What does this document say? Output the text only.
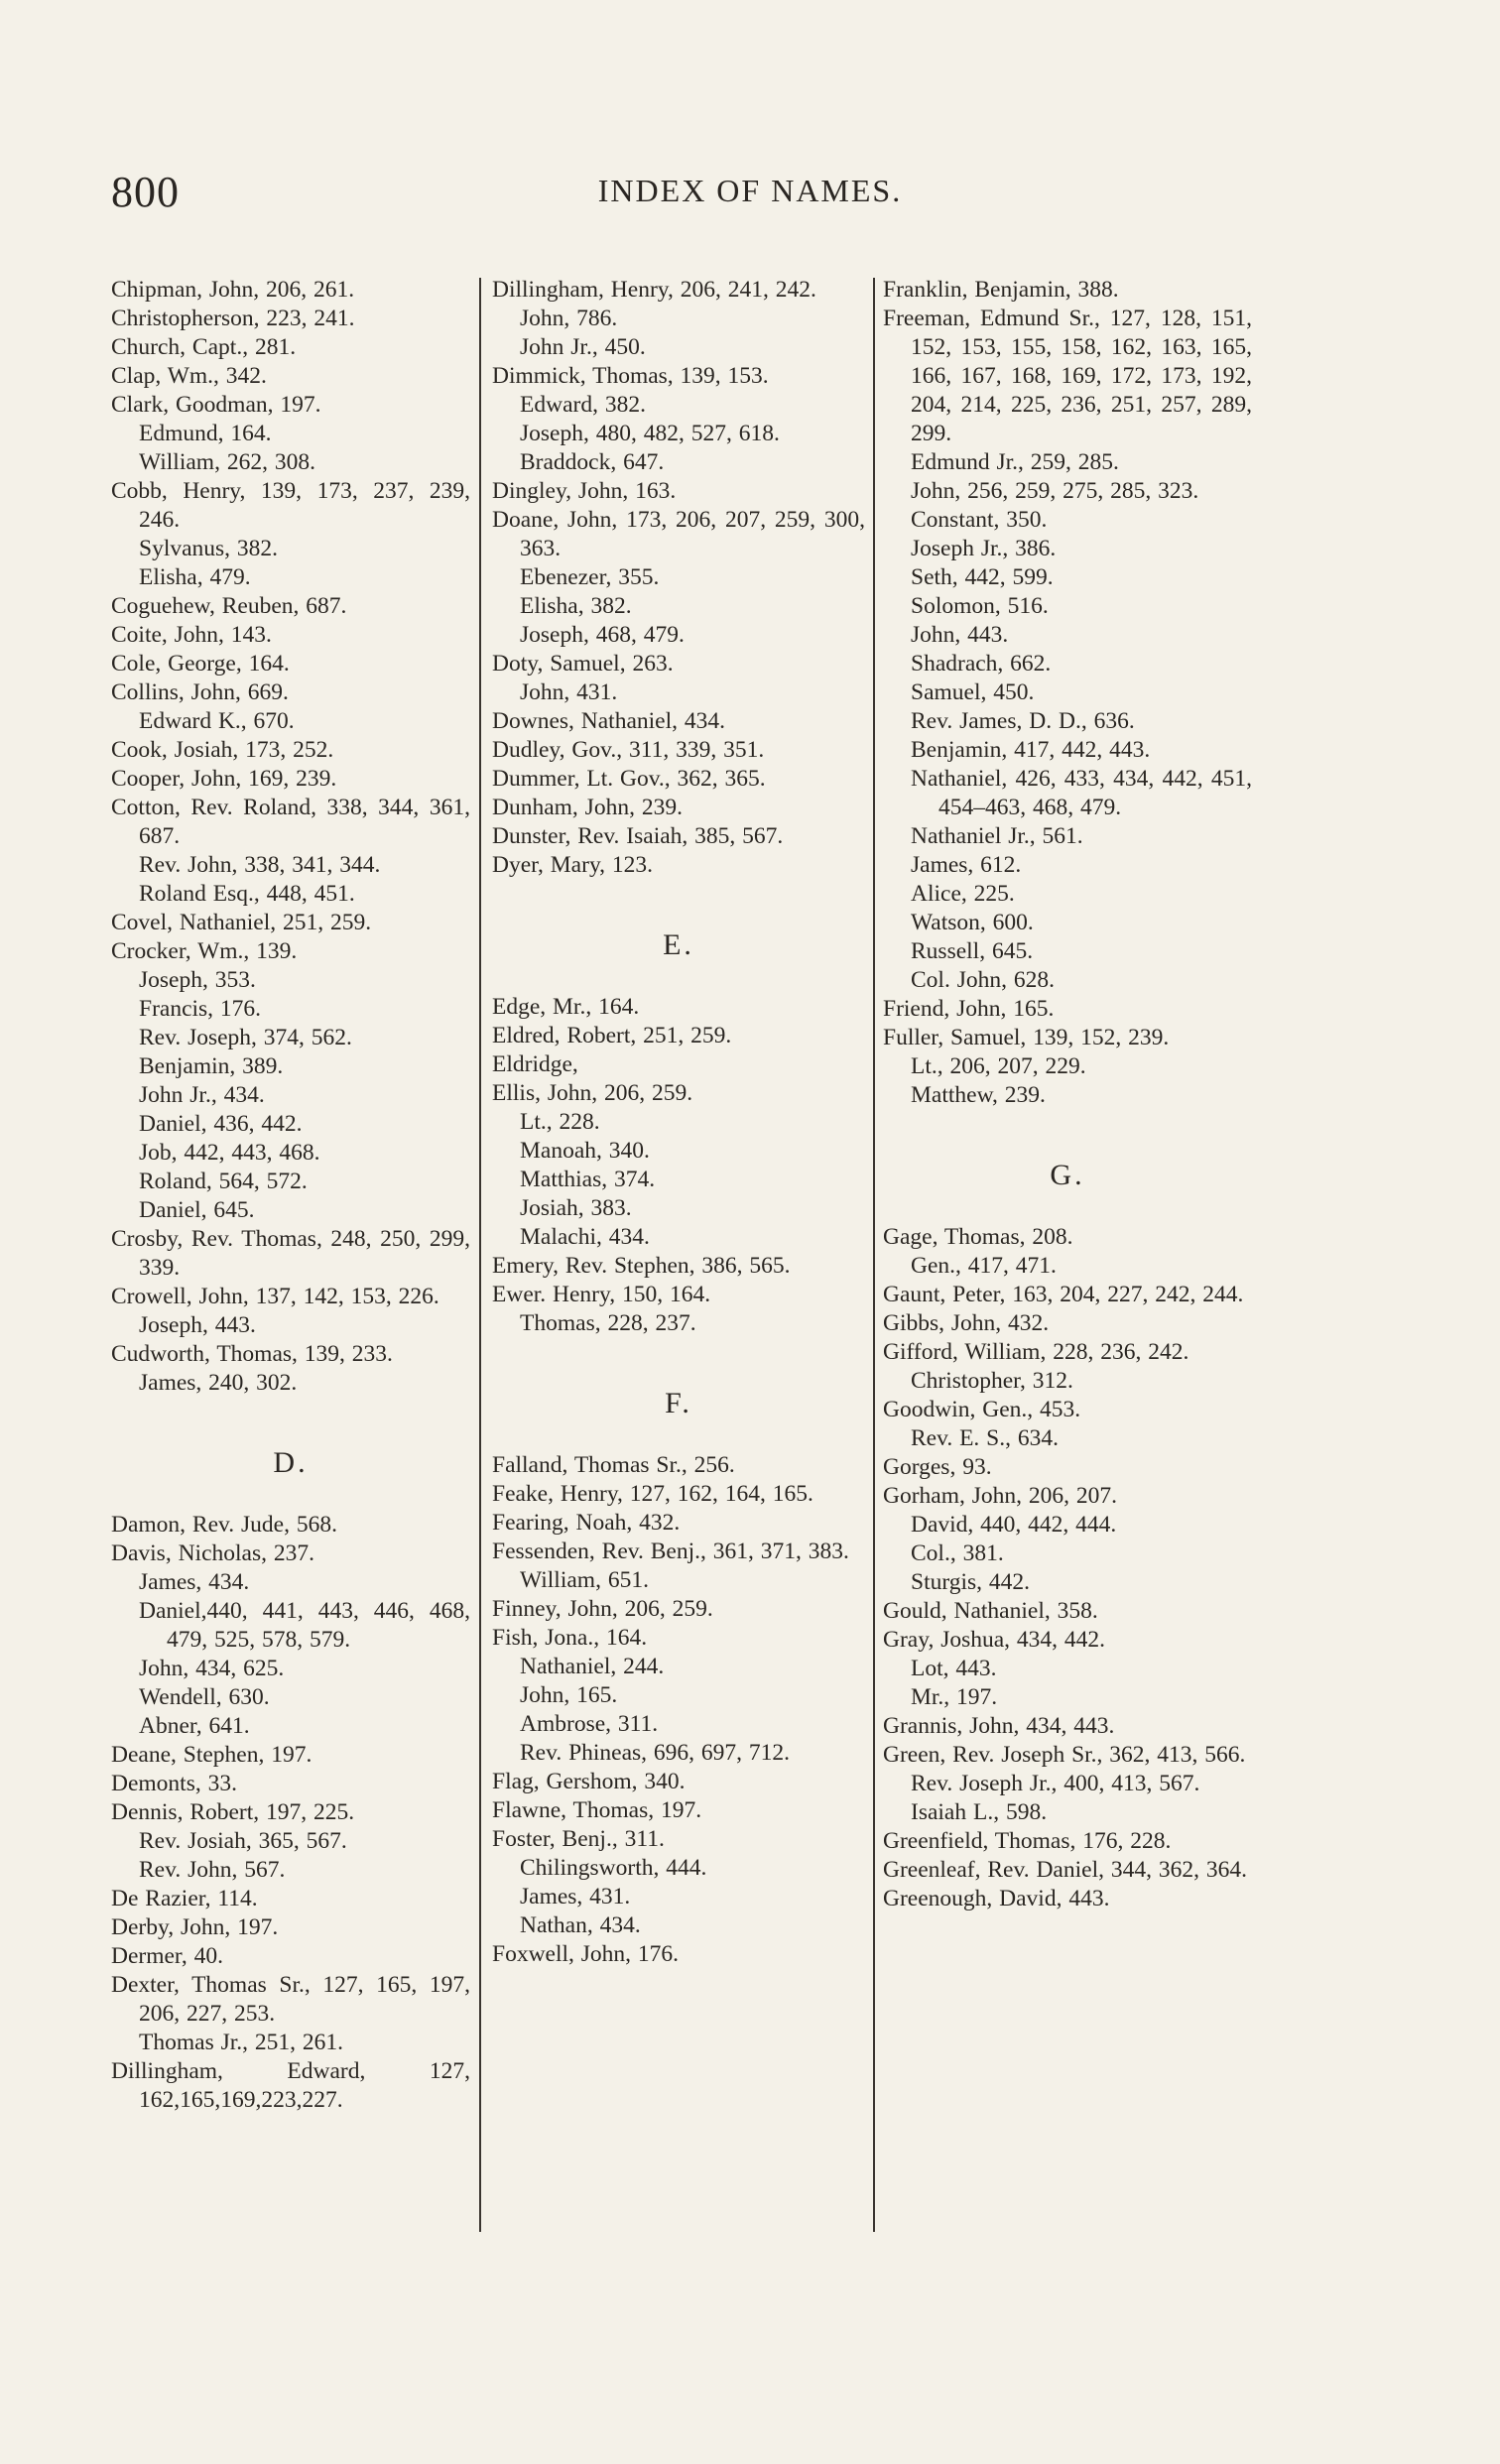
800	INDEX OF NAMES.
Chipman, John, 206, 261.
Christopherson, 223, 241.
Church, Capt., 281.
Clap, Wm., 342.
Clark, Goodman, 197.
Edmund, 164.
William, 262, 308.
Cobb, Henry, 139, 173, 237, 239, 246.
Sylvanus, 382.
Elisha, 479.
Coguehew, Reuben, 687.
Coite, John, 143.
Cole, George, 164.
Collins, John, 669.
Edward K., 670.
Cook, Josiah, 173, 252.
Cooper, John, 169, 239.
Cotton, Rev. Roland, 338, 344, 361, 687.
Rev. John, 338, 341, 344.
Roland Esq., 448, 451.
Covel, Nathaniel, 251, 259.
Crocker, Wm., 139.
Joseph, 353.
Francis, 176.
Rev. Joseph, 374, 562.
Benjamin, 389.
John Jr., 434.
Daniel, 436, 442.
Job, 442, 443, 468.
Roland, 564, 572.
Daniel, 645.
Crosby, Rev. Thomas, 248, 250, 299, 339.
Crowell, John, 137, 142, 153, 226.
Joseph, 443.
Cudworth, Thomas, 139, 233.
James, 240, 302.
D.
Damon, Rev. Jude, 568.
Davis, Nicholas, 237.
James, 434.
Daniel,440, 441, 443, 446, 468, 479, 525, 578, 579.
John, 434, 625.
Wendell, 630.
Abner, 641.
Deane, Stephen, 197.
Demonts, 33.
Dennis, Robert, 197, 225.
Rev. Josiah, 365, 567.
Rev. John, 567.
De Razier, 114.
Derby, John, 197.
Dermer, 40.
Dexter, Thomas Sr., 127, 165, 197, 206, 227, 253.
Thomas Jr., 251, 261.
Dillingham, Edward, 127, 162,165,169,223,227.
Dillingham, Henry, 206, 241, 242.
John, 786.
John Jr., 450.
Dimmick, Thomas, 139, 153.
Edward, 382.
Joseph, 480, 482, 527, 618.
Braddock, 647.
Dingley, John, 163.
Doane, John, 173, 206, 207, 259, 300, 363.
Ebenezer, 355.
Elisha, 382.
Joseph, 468, 479.
Doty, Samuel, 263.
John, 431.
Downes, Nathaniel, 434.
Dudley, Gov., 311, 339, 351.
Dummer, Lt. Gov., 362, 365.
Dunham, John, 239.
Dunster, Rev. Isaiah, 385, 567.
Dyer, Mary, 123.
E.
Edge, Mr., 164.
Eldred, Robert, 251, 259.
Eldridge,
Ellis, John, 206, 259.
Lt., 228.
Manoah, 340.
Matthias, 374.
Josiah, 383.
Malachi, 434.
Emery, Rev. Stephen, 386, 565.
Ewer. Henry, 150, 164.
Thomas, 228, 237.
F.
Falland, Thomas Sr., 256.
Feake, Henry, 127, 162, 164, 165.
Fearing, Noah, 432.
Fessenden, Rev. Benj., 361, 371, 383.
William, 651.
Finney, John, 206, 259.
Fish, Jona., 164.
Nathaniel, 244.
John, 165.
Ambrose, 311.
Rev. Phineas, 696, 697, 712.
Flag, Gershom, 340.
Flawne, Thomas, 197.
Foster, Benj., 311.
Chilingsworth, 444.
James, 431.
Nathan, 434.
Foxwell, John, 176.
Franklin, Benjamin, 388.
Freeman, Edmund Sr., 127, 128, 151, 152, 153, 155, 158, 162, 163, 165, 166, 167, 168, 169, 172, 173, 192, 204, 214, 225, 236, 251, 257, 289, 299.
Edmund Jr., 259, 285.
John, 256, 259, 275, 285, 323.
Constant, 350.
Joseph Jr., 386.
Seth, 442, 599.
Solomon, 516.
John, 443.
Shadrach, 662.
Samuel, 450.
Rev. James, D. D., 636.
Benjamin, 417, 442, 443.
Nathaniel, 426, 433, 434, 442, 451, 454–463, 468, 479.
Nathaniel Jr., 561.
James, 612.
Alice, 225.
Watson, 600.
Russell, 645.
Col. John, 628.
Friend, John, 165.
Fuller, Samuel, 139, 152, 239.
Lt., 206, 207, 229.
Matthew, 239.
G.
Gage, Thomas, 208.
Gen., 417, 471.
Gaunt, Peter, 163, 204, 227, 242, 244.
Gibbs, John, 432.
Gifford, William, 228, 236, 242.
Christopher, 312.
Goodwin, Gen., 453.
Rev. E. S., 634.
Gorges, 93.
Gorham, John, 206, 207.
David, 440, 442, 444.
Col., 381.
Sturgis, 442.
Gould, Nathaniel, 358.
Gray, Joshua, 434, 442.
Lot, 443.
Mr., 197.
Grannis, John, 434, 443.
Green, Rev. Joseph Sr., 362, 413, 566.
Rev. Joseph Jr., 400, 413, 567.
Isaiah L., 598.
Greenfield, Thomas, 176, 228.
Greenleaf, Rev. Daniel, 344, 362, 364.
Greenough, David, 443.
